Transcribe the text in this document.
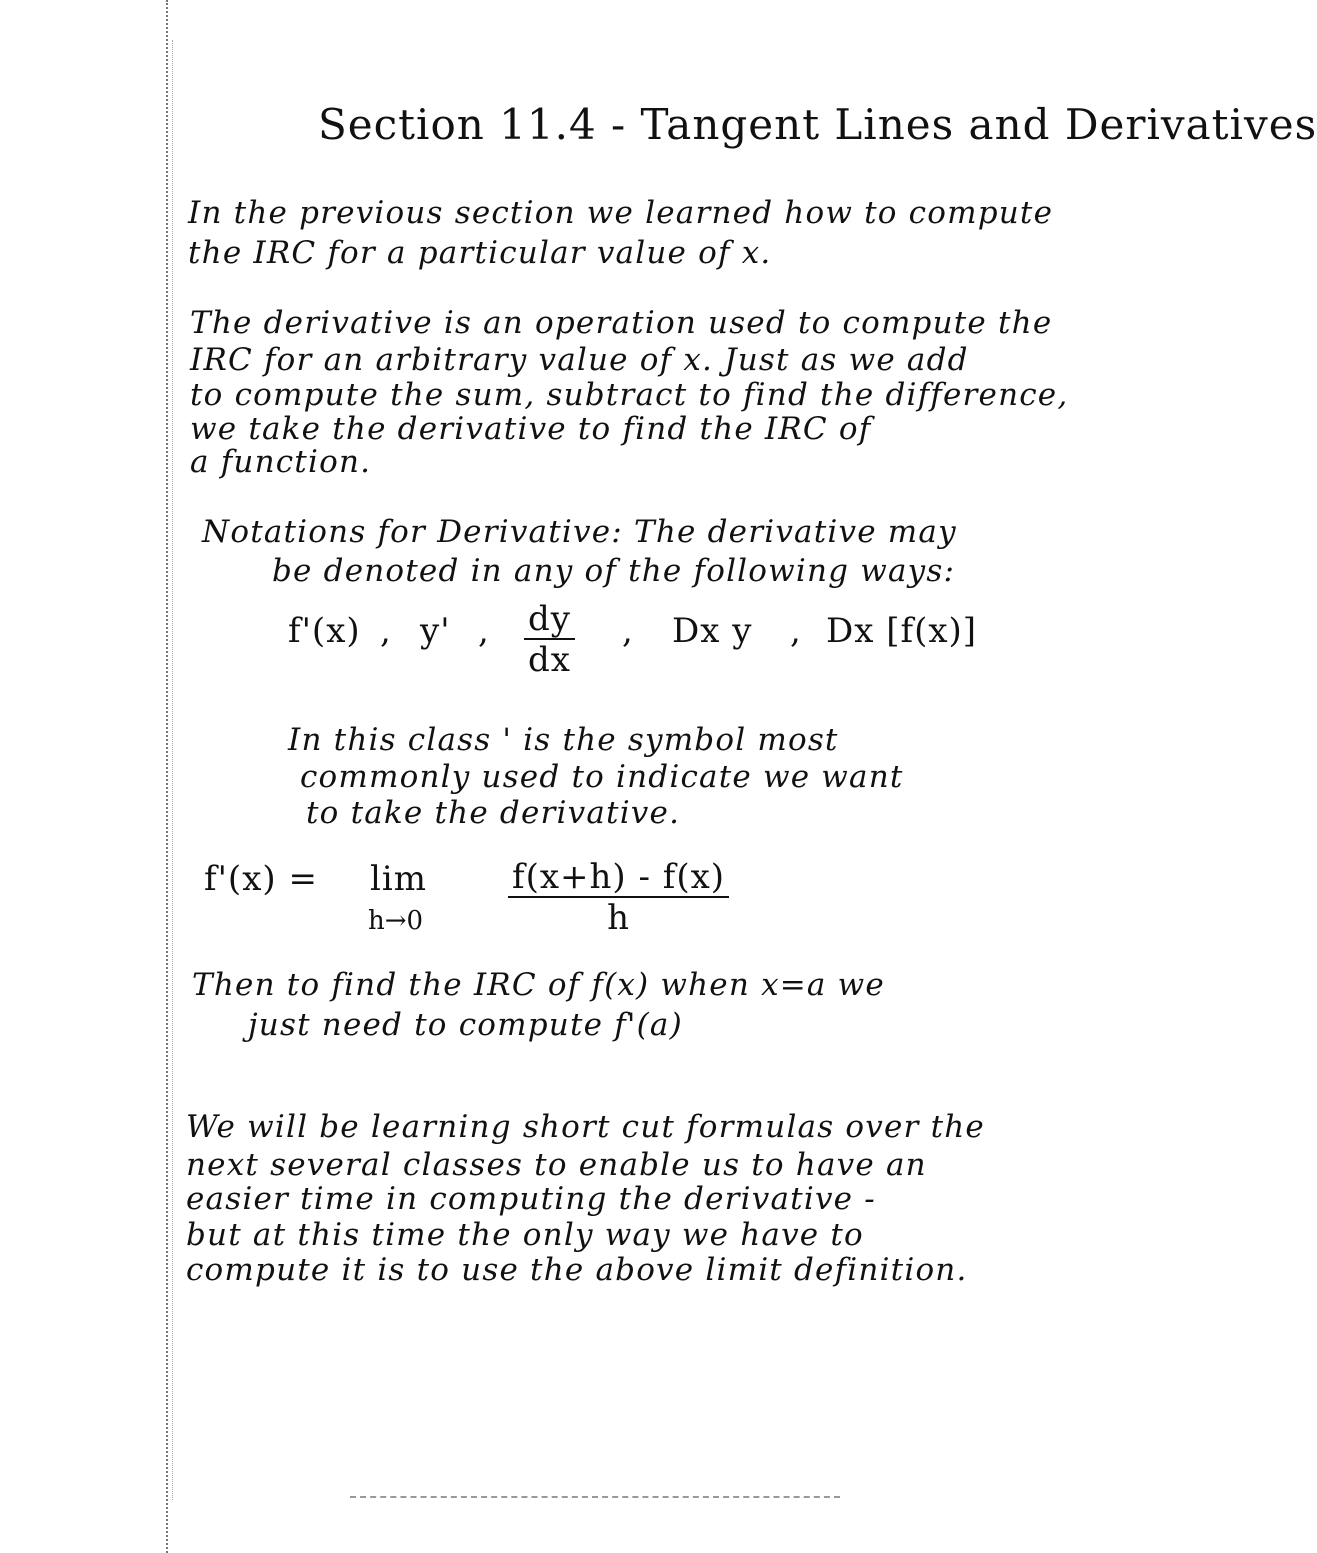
Section 11.4 - Tangent Lines and Derivatives
In the previous section we learned how to compute
the IRC for a particular value of x.
The derivative is an operation used to compute the
IRC for an arbitrary value of x. Just as we add
to compute the sum, subtract to find the difference,
we take the derivative to find the IRC of
a function.
Notations for Derivative: The derivative may
be denoted in any of the following ways:
f'(x) , y' , $\frac{dy}{dx}$ , Dx y , Dx [f(x)]
In this class ' is the symbol most
commonly used to indicate we want
to take the derivative.
f'(x) = lim
$h\to 0 \frac{f(x+h) - f(x)}{h}$
Then to find the IRC of f(x) when x=a we
just need to compute f'(a)
We will be learning short cut formulas over the
next several classes to enable us to have an
easier time in computing the derivative -
but at this time the only way we have to
compute it is to use the above limit definition.
